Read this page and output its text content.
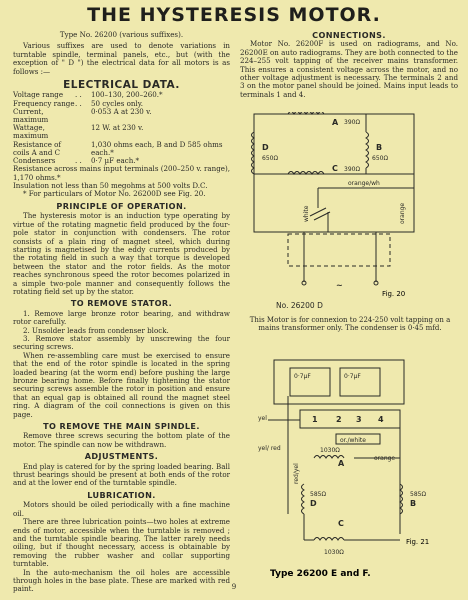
THE HYSTERESIS MOTOR.

Type No. 26200 (various suffixes).

Various suffixes are used to denote variations in turntable spindle, terminal panels, etc., but (with the exception of " D ") the electrical data for all motors is as follows :—

ELECTRICAL DATA.
Voltage range	. .	100–130, 200–260.*
Frequency range	. .	50 cycles only.
Current, maximum		0·053 A at 230 v.
Wattage, maximum		12 W. at 230 v.
Resistance of coils A and C		1,030 ohms each, B and D 585 ohms each.*
Condensers	. .	0·7 µF each.*

Resistance across mains input terminals (200–250 v. range), 1,170 ohms.*

Insulation not less than 50 megohms at 500 volts D.C.

* For particulars of Motor No. 26200D see Fig. 20.

PRINCIPLE OF OPERATION.

The hysteresis motor is an induction type operating by virtue of the rotating magnetic field produced by the four-pole stator in conjunction with condensers. The rotor consists of a plain ring of magnet steel, which during starting is magnetised by the eddy currents produced by the rotating field in such a way that torque is developed between the stator and the rotor fields. As the motor reaches synchronous speed the rotor becomes polarized in a simple two-pole manner and consequently follows the rotating field set up by the stator.

TO REMOVE STATOR.

1. Remove large bronze rotor bearing, and withdraw rotor carefully.

2. Unsolder leads from condenser block.

3. Remove stator assembly by unscrewing the four securing screws.

When re-assembling care must be exercised to ensure that the end of the rotor spindle is located in the spring loaded bearing (at the worm end) before pushing the large bronze bearing home. Before finally tightening the stator securing screws assemble the rotor in position and ensure that an equal gap is obtained all round the magnet steel ring. A diagram of the coil connections is given on this page.

TO REMOVE THE MAIN SPINDLE.

Remove three screws securing the bottom plate of the motor. The spindle can now be withdrawn.

ADJUSTMENTS.

End play is catered for by the spring loaded bearing. Ball thrust bearings should be present at both ends of the rotor and at the lower end of the turntable spindle.

LUBRICATION.

Motors should be oiled periodically with a fine machine oil.

There are three lubrication points—two holes at extreme ends of motor, accessible when the turntable is removed ; and the turntable spindle bearing. The latter rarely needs oiling, but if thought necessary, access is obtainable by removing the rubber washer and collar supporting turntable.

In the auto-mechanism the oil holes are accessible through holes in the base plate. These are marked with red paint.

CONNECTIONS.

Motor No. 26200F is used on radiograms, and No. 26200E on auto radiograms. They are both connected to the 224–255 volt tapping of the receiver mains transformer. This ensures a consistent voltage across the motor, and no other voltage adjustment is necessary. The terminals 2 and 3 on the motor panel should be joined. Mains input leads to terminals 1 and 4.

A 390Ω
D
650Ω
B
650Ω
C 390Ω
orange/wh
white	orange
~
Fig. 20
No. 26200 D
This Motor is for connexion to 224-250 volt tapping on a mains transformer only. The condenser is 0·45 mfd.
0·7µF	0·7µF
1 2 3 4
yel
red/yel
yel/ red
or./white
1030Ω
A
orange
585Ω
D
585Ω
B
C
1030Ω
Fig. 21
Type 26200 E and F.
9
